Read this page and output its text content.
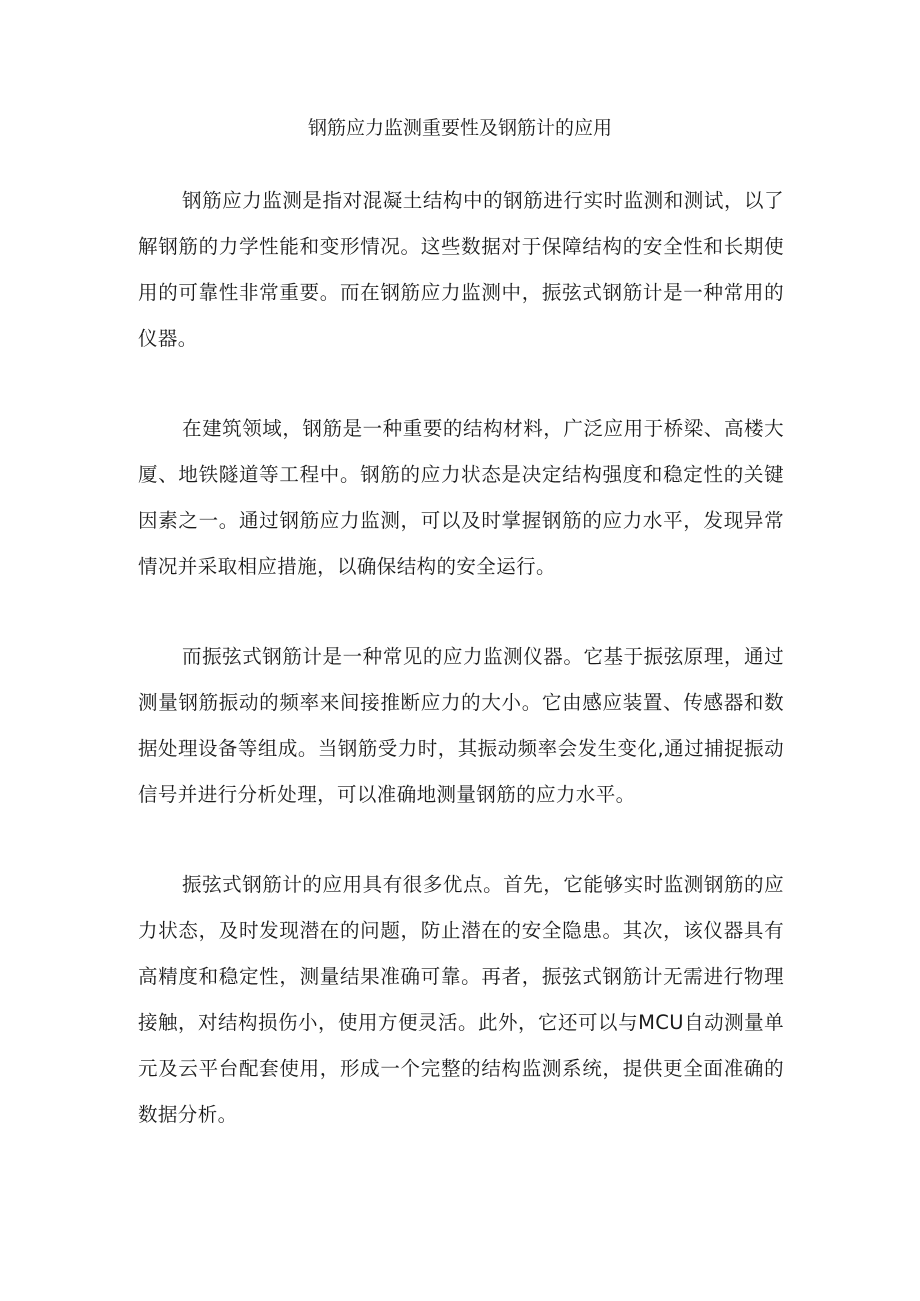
钢筋应力监测重要性及钢筋计的应用

钢筋应力监测是指对混凝土结构中的钢筋进行实时监测和测试，以了解钢筋的力学性能和变形情况。这些数据对于保障结构的安全性和长期使用的可靠性非常重要。而在钢筋应力监测中，振弦式钢筋计是一种常用的仪器。

在建筑领域，钢筋是一种重要的结构材料，广泛应用于桥梁、高楼大厦、地铁隧道等工程中。钢筋的应力状态是决定结构强度和稳定性的关键因素之一。通过钢筋应力监测，可以及时掌握钢筋的应力水平，发现异常情况并采取相应措施，以确保结构的安全运行。

而振弦式钢筋计是一种常见的应力监测仪器。它基于振弦原理，通过测量钢筋振动的频率来间接推断应力的大小。它由感应装置、传感器和数据处理设备等组成。当钢筋受力时，其振动频率会发生变化,通过捕捉振动信号并进行分析处理，可以准确地测量钢筋的应力水平。

振弦式钢筋计的应用具有很多优点。首先，它能够实时监测钢筋的应力状态，及时发现潜在的问题，防止潜在的安全隐患。其次，该仪器具有高精度和稳定性，测量结果准确可靠。再者，振弦式钢筋计无需进行物理接触，对结构损伤小，使用方便灵活。此外，它还可以与MCU自动测量单元及云平台配套使用，形成一个完整的结构监测系统，提供更全面准确的数据分析。
